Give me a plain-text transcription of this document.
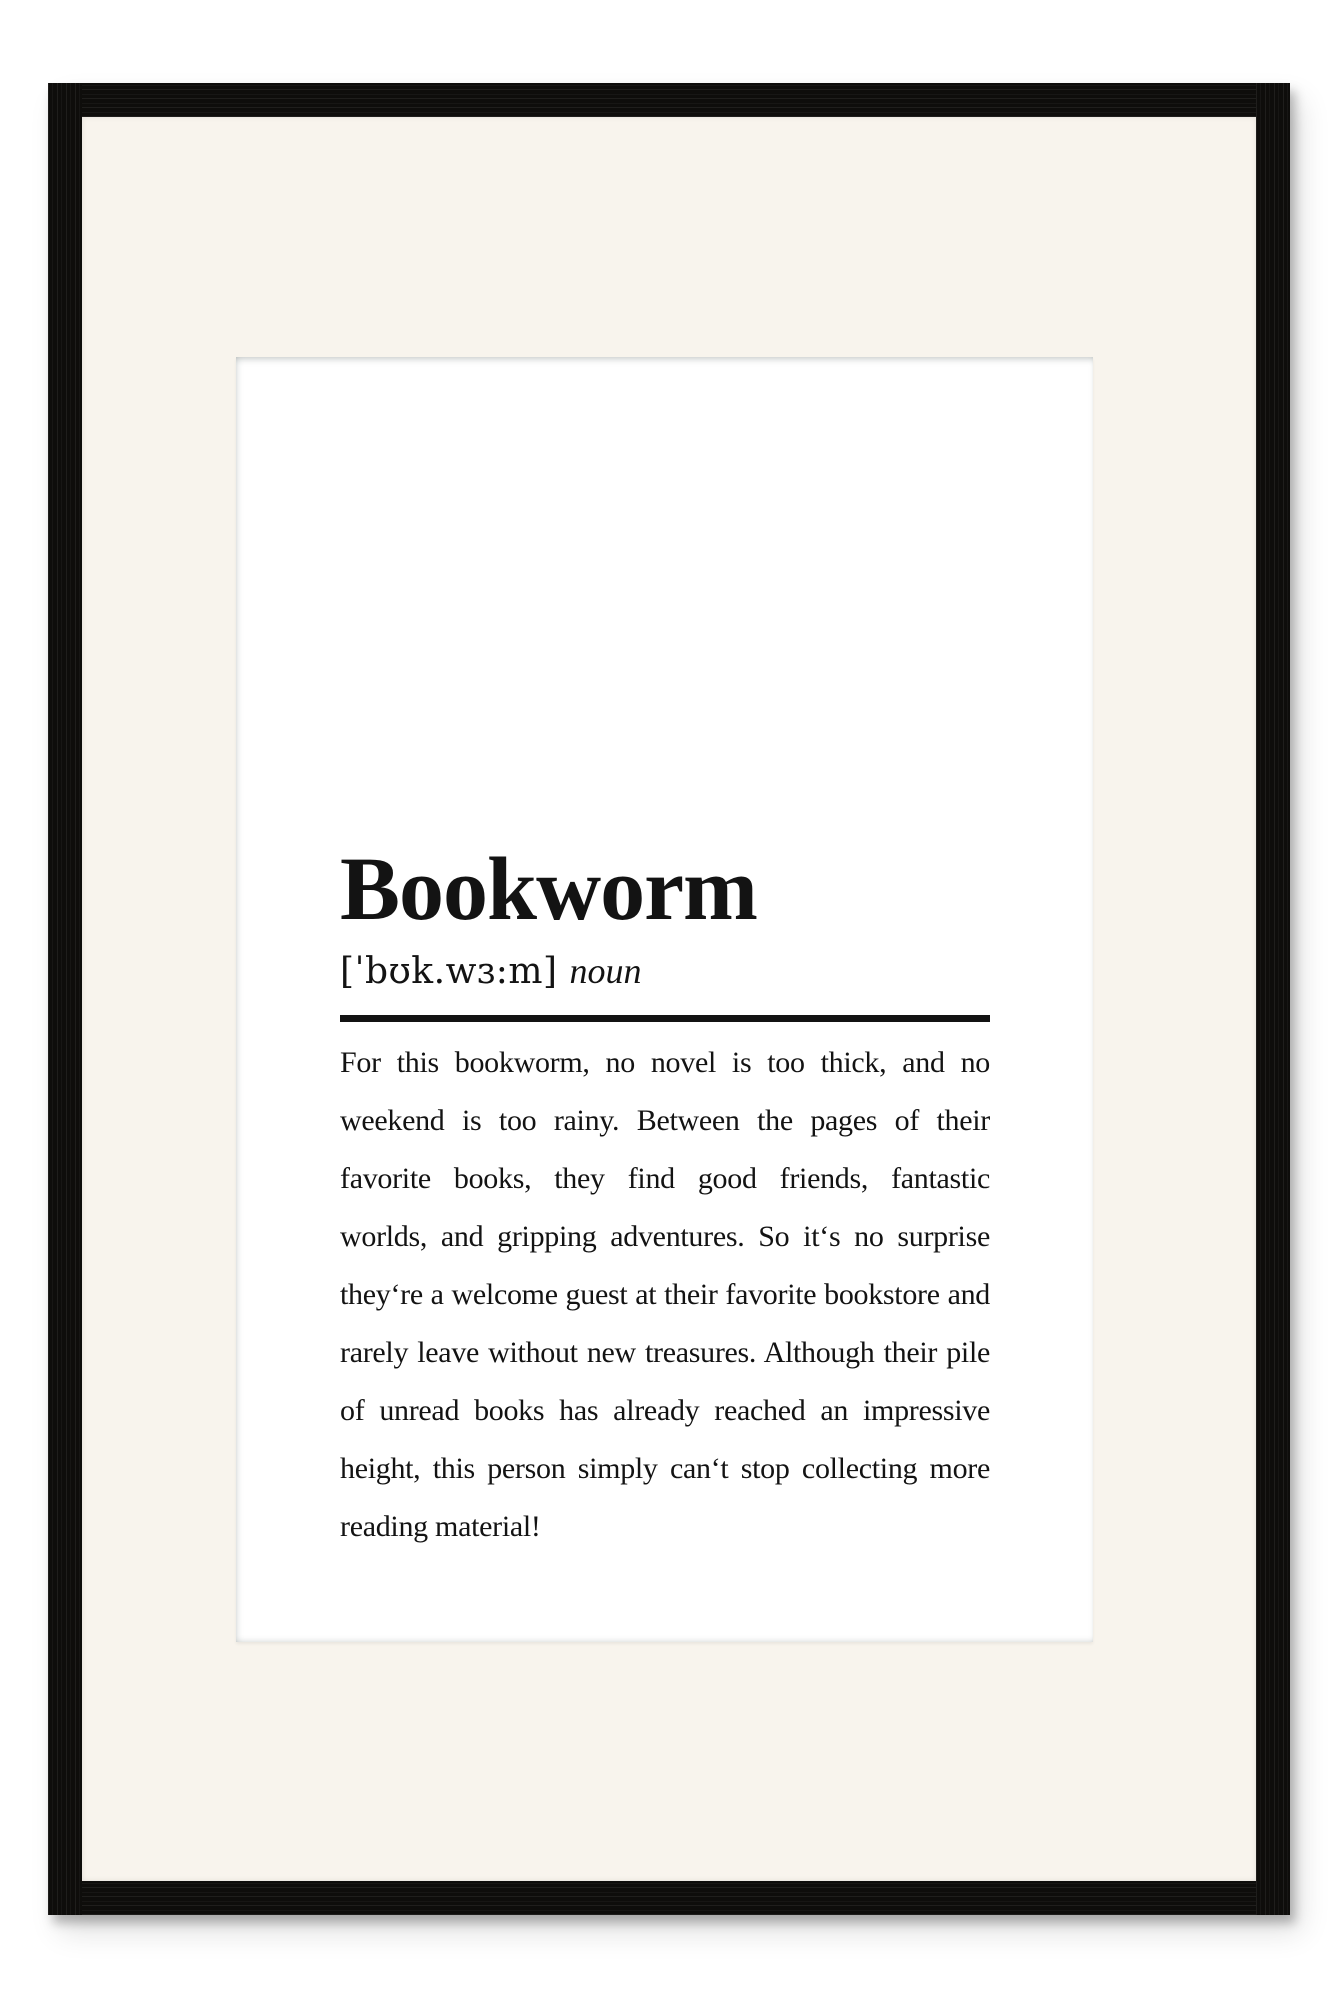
Bookworm
[ˈbʊk.wɜ:m] noun
For this bookworm, no novel is too thick, and no
weekend is too rainy. Between the pages of their
favorite books, they find good friends, fantastic
worlds, and gripping adventures. So it‘s no surprise
they‘re a welcome guest at their favorite bookstore and
rarely leave without new treasures. Although their pile
of unread books has already reached an impressive
height, this person simply can‘t stop collecting more
reading material!
